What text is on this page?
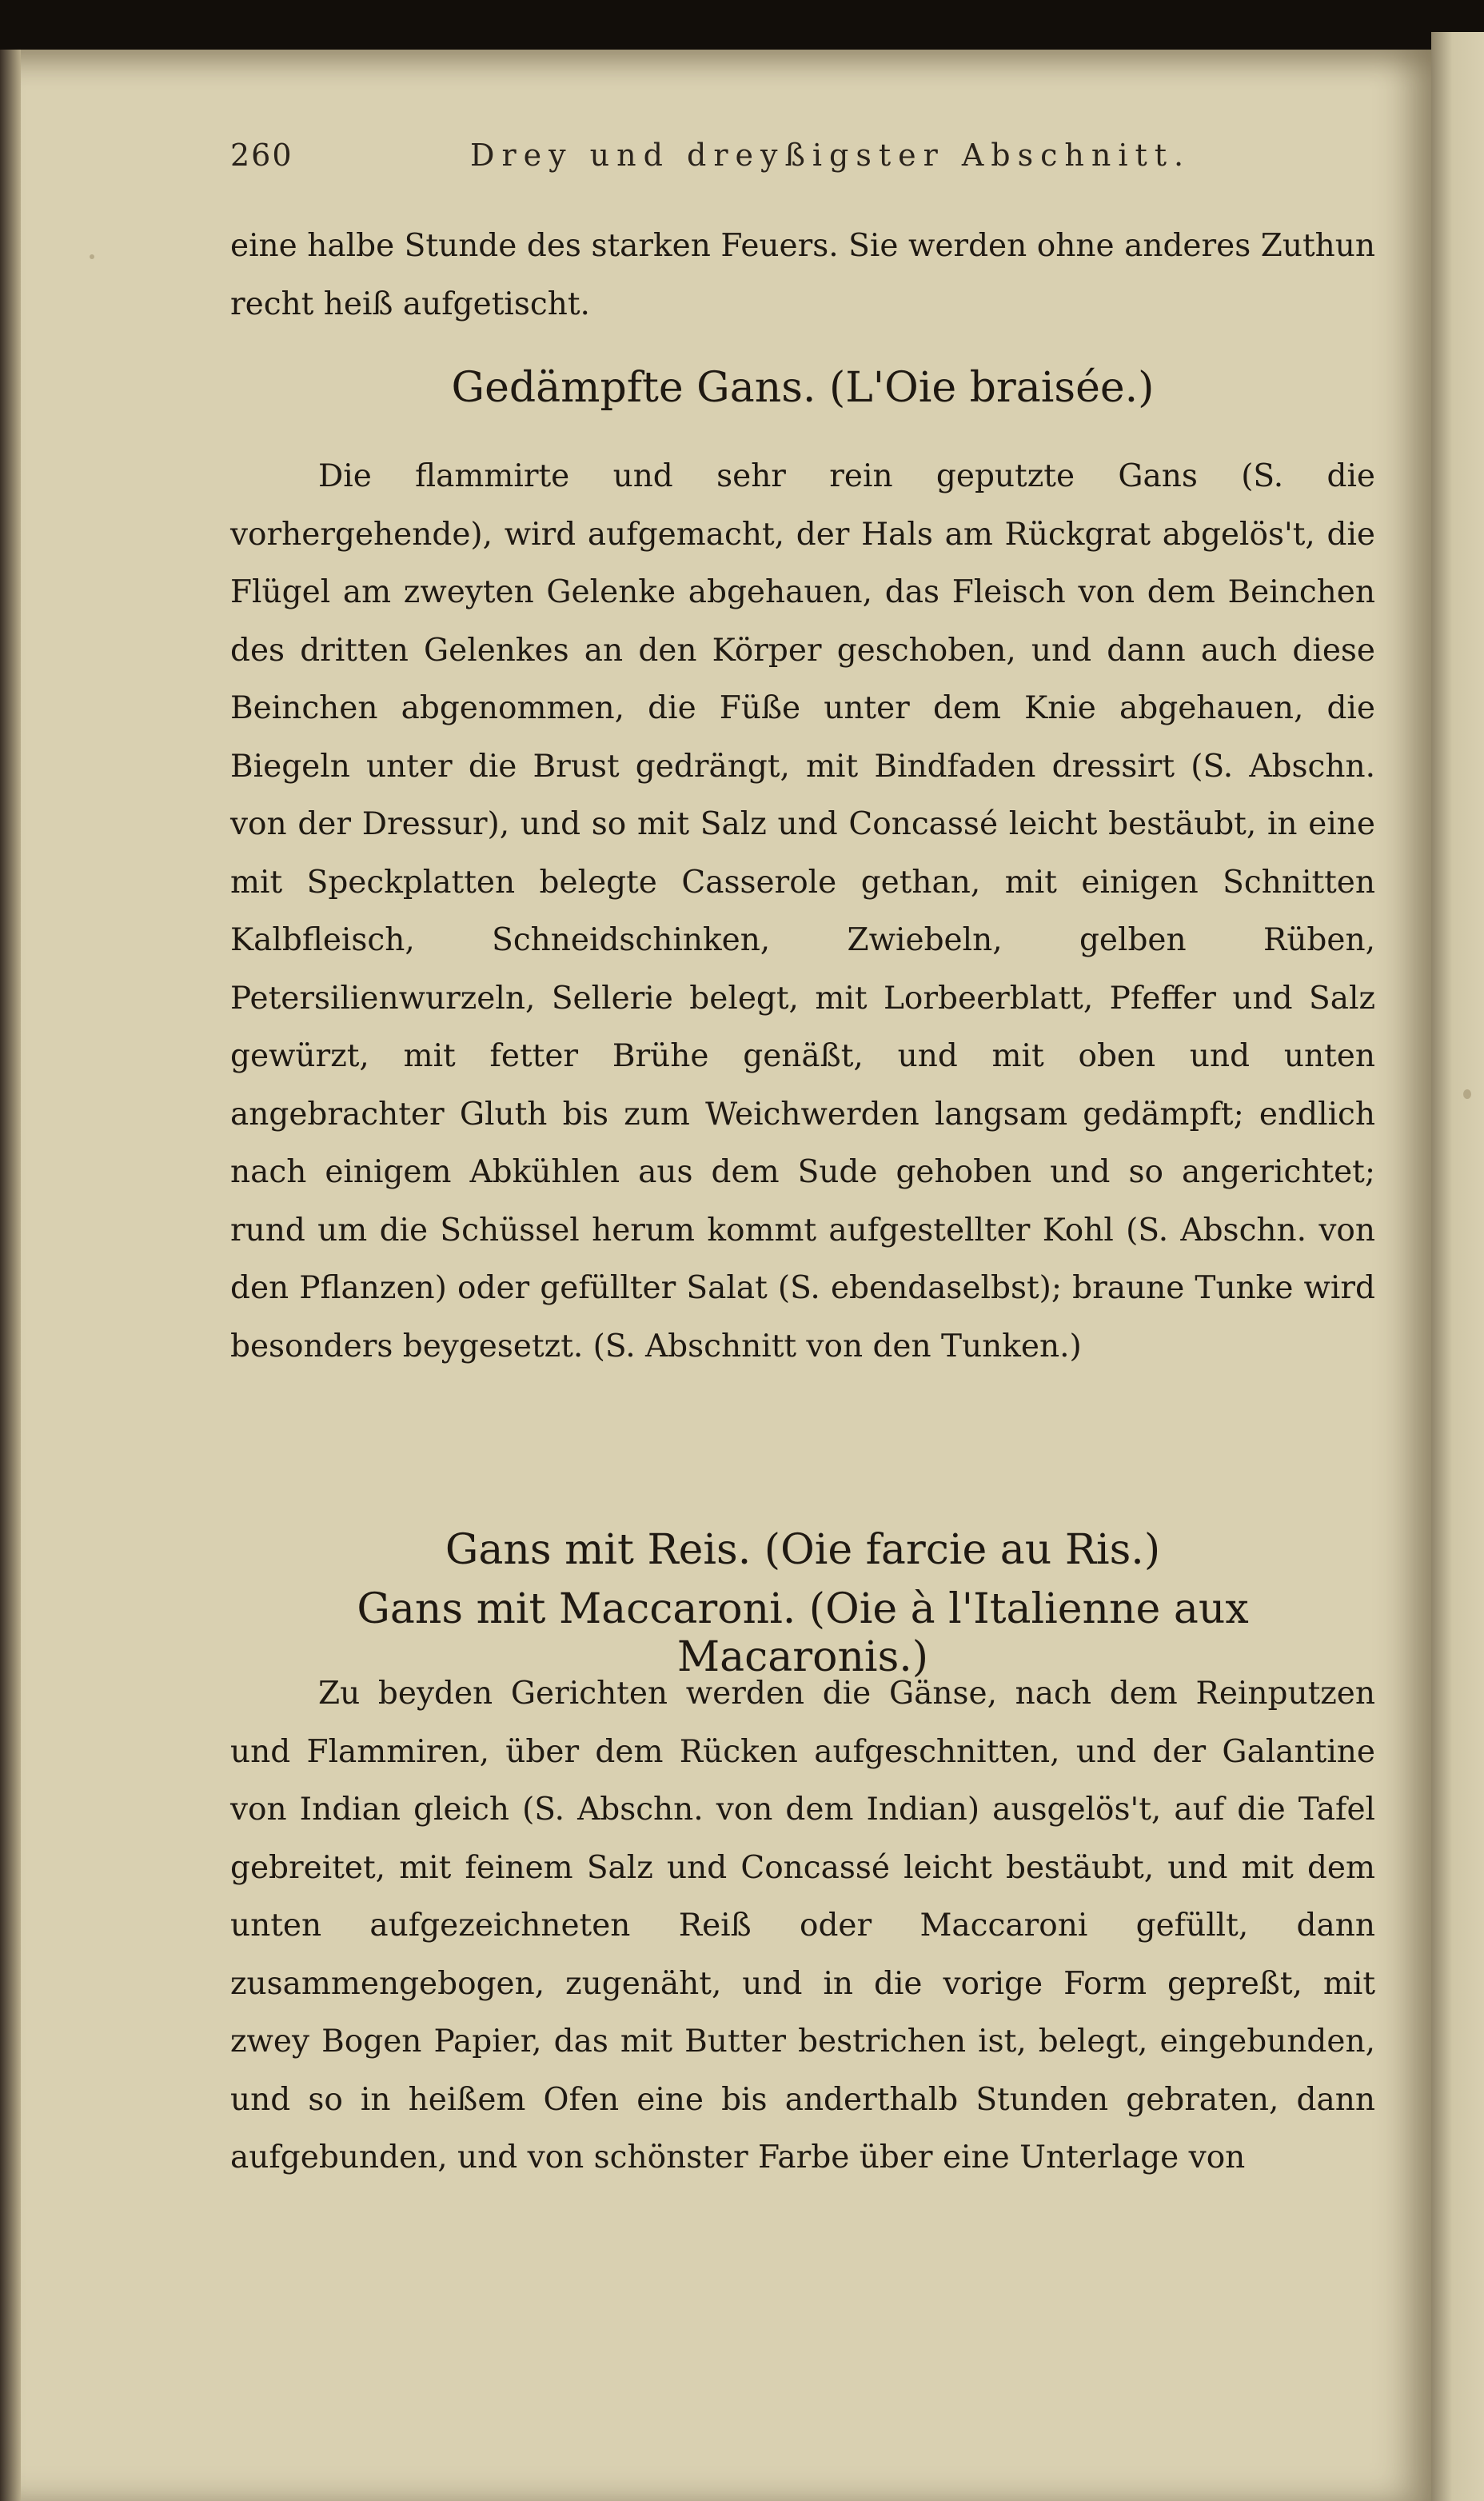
260	Drey und dreyßigster Abschnitt.
eine halbe Stunde des starken Feuers. Sie werden ohne anderes Zuthun recht heiß aufgetischt.
Gedämpfte Gans. (L'Oie braisée.)
Die flammirte und sehr rein geputzte Gans (S. die vorhergehende), wird aufgemacht, der Hals am Rückgrat abgelös't, die Flügel am zweyten Gelenke abgehauen, das Fleisch von dem Beinchen des dritten Gelenkes an den Körper geschoben, und dann auch diese Beinchen abgenommen, die Füße unter dem Knie abgehauen, die Biegeln unter die Brust gedrängt, mit Bindfaden dressirt (S. Abschn. von der Dressur), und so mit Salz und Concassé leicht bestäubt, in eine mit Speckplatten belegte Casserole gethan, mit einigen Schnitten Kalbfleisch, Schneidschinken, Zwiebeln, gelben Rüben, Petersilienwurzeln, Sellerie belegt, mit Lorbeerblatt, Pfeffer und Salz gewürzt, mit fetter Brühe genäßt, und mit oben und unten angebrachter Gluth bis zum Weichwerden langsam gedämpft; endlich nach einigem Abkühlen aus dem Sude gehoben und so angerichtet; rund um die Schüssel herum kommt aufgestellter Kohl (S. Abschn. von den Pflanzen) oder gefüllter Salat (S. ebendaselbst); braune Tunke wird besonders beygesetzt. (S. Abschnitt von den Tunken.)
Gans mit Reis. (Oie farcie au Ris.)
Gans mit Maccaroni. (Oie à l'Italienne aux Macaronis.)
Zu beyden Gerichten werden die Gänse, nach dem Reinputzen und Flammiren, über dem Rücken aufgeschnitten, und der Galantine von Indian gleich (S. Abschn. von dem Indian) ausgelös't, auf die Tafel gebreitet, mit feinem Salz und Concassé leicht bestäubt, und mit dem unten aufgezeichneten Reiß oder Maccaroni gefüllt, dann zusammengebogen, zugenäht, und in die vorige Form gepreßt, mit zwey Bogen Papier, das mit Butter bestrichen ist, belegt, eingebunden, und so in heißem Ofen eine bis anderthalb Stunden gebraten, dann aufgebunden, und von schönster Farbe über eine Unterlage von
